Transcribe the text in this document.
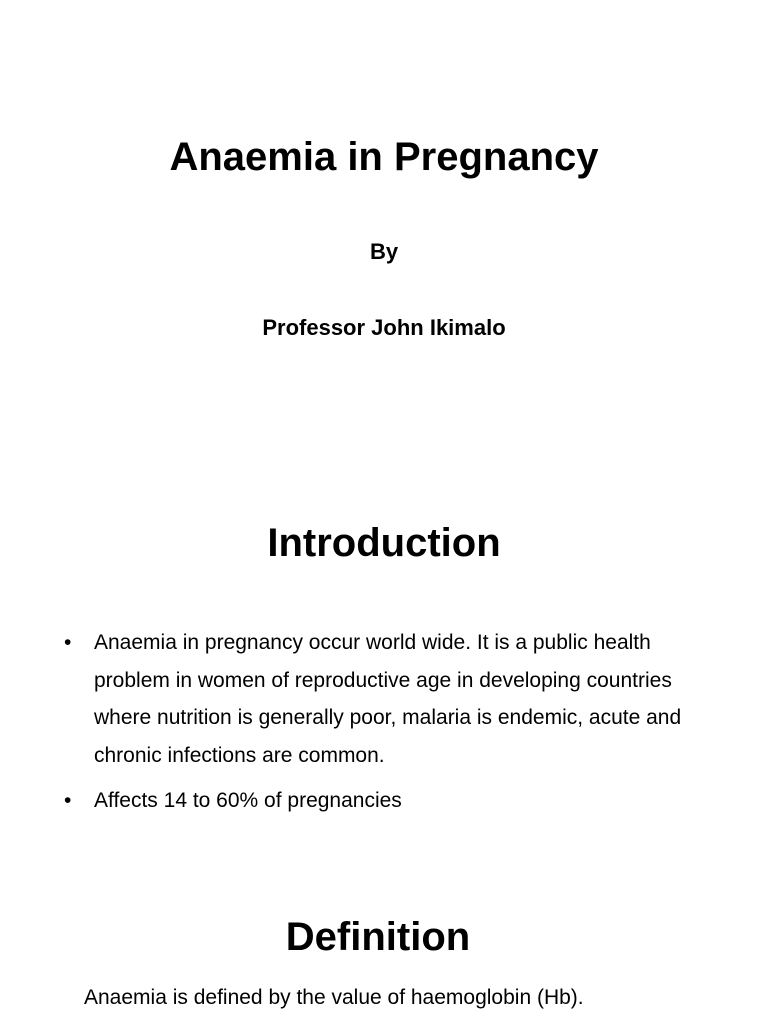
Anaemia in Pregnancy
By
Professor John Ikimalo
Introduction
• Anaemia in pregnancy occur world wide. It is a public health problem in women of reproductive age in developing countries where nutrition is generally poor, malaria is endemic, acute and chronic infections are common.
• Affects 14 to 60% of pregnancies
Definition
Anaemia is defined by the value of haemoglobin (Hb).
